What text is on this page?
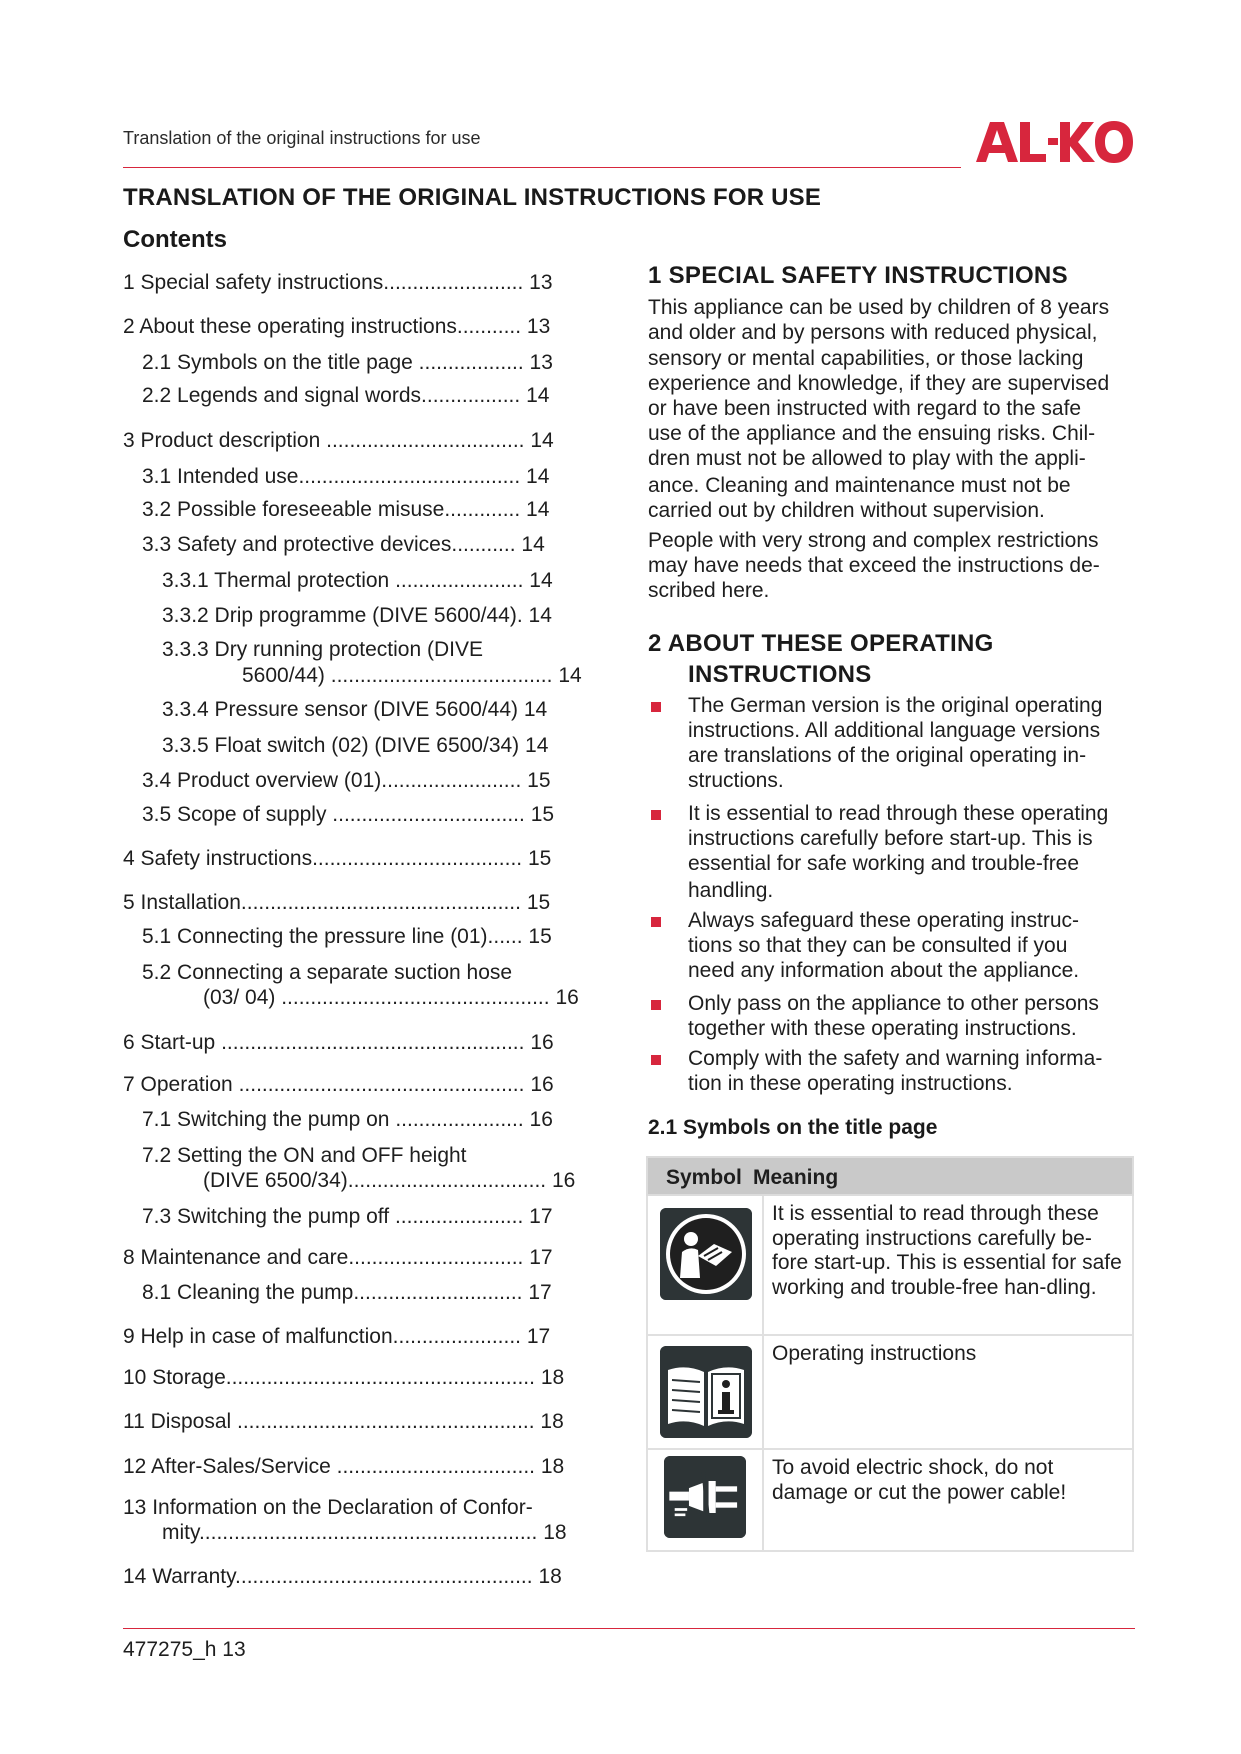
Translation of the original instructions for use
TRANSLATION OF THE ORIGINAL INSTRUCTIONS FOR USE
Contents
1 Special safety instructions........................ 13
2 About these operating instructions........... 13
2.1 Symbols on the title page .................. 13
2.2 Legends and signal words................. 14
3 Product description .................................. 14
3.1 Intended use...................................... 14
3.2 Possible foreseeable misuse............. 14
3.3 Safety and protective devices........... 14
3.3.1 Thermal protection ...................... 14
3.3.2 Drip programme (DIVE 5600/44). 14
3.3.3 Dry running protection (DIVE
5600/44) ...................................... 14
3.3.4 Pressure sensor (DIVE 5600/44) 14
3.3.5 Float switch (02) (DIVE 6500/34) 14
3.4 Product overview (01)........................ 15
3.5 Scope of supply ................................. 15
4 Safety instructions.................................... 15
5 Installation................................................ 15
5.1 Connecting the pressure line (01)...... 15
5.2 Connecting a separate suction hose
(03/ 04) .............................................. 16
6 Start-up .................................................... 16
7 Operation ................................................. 16
7.1 Switching the pump on ...................... 16
7.2 Setting the ON and OFF height
(DIVE 6500/34).................................. 16
7.3 Switching the pump off ...................... 17
8 Maintenance and care.............................. 17
8.1 Cleaning the pump............................. 17
9 Help in case of malfunction...................... 17
10 Storage..................................................... 18
11 Disposal ................................................... 18
12 After-Sales/Service .................................. 18
13 Information on the Declaration of Confor-
mity.......................................................... 18
14 Warranty................................................... 18
1 SPECIAL SAFETY INSTRUCTIONS
This appliance can be used by children of 8 years
and older and by persons with reduced physical,
sensory or mental capabilities, or those lacking
experience and knowledge, if they are supervised
or have been instructed with regard to the safe
use of the appliance and the ensuing risks. Chil-
dren must not be allowed to play with the appli-
ance. Cleaning and maintenance must not be
carried out by children without supervision.
People with very strong and complex restrictions
may have needs that exceed the instructions de-
scribed here.
2 ABOUT THESE OPERATING
INSTRUCTIONS
The German version is the original operating
instructions. All additional language versions
are translations of the original operating in-
structions.
It is essential to read through these operating
instructions carefully before start-up. This is
essential for safe working and trouble-free
handling.
Always safeguard these operating instruc-
tions so that they can be consulted if you
need any information about the appliance.
Only pass on the appliance to other persons
together with these operating instructions.
Comply with the safety and warning informa-
tion in these operating instructions.
2.1 Symbols on the title page
Symbol Meaning
It is essential to read through these operating instructions carefully be-fore start-up. This is essential for safe working and trouble-free han-dling.
Operating instructions
To avoid electric shock, do not damage or cut the power cable!
477275_h 13
